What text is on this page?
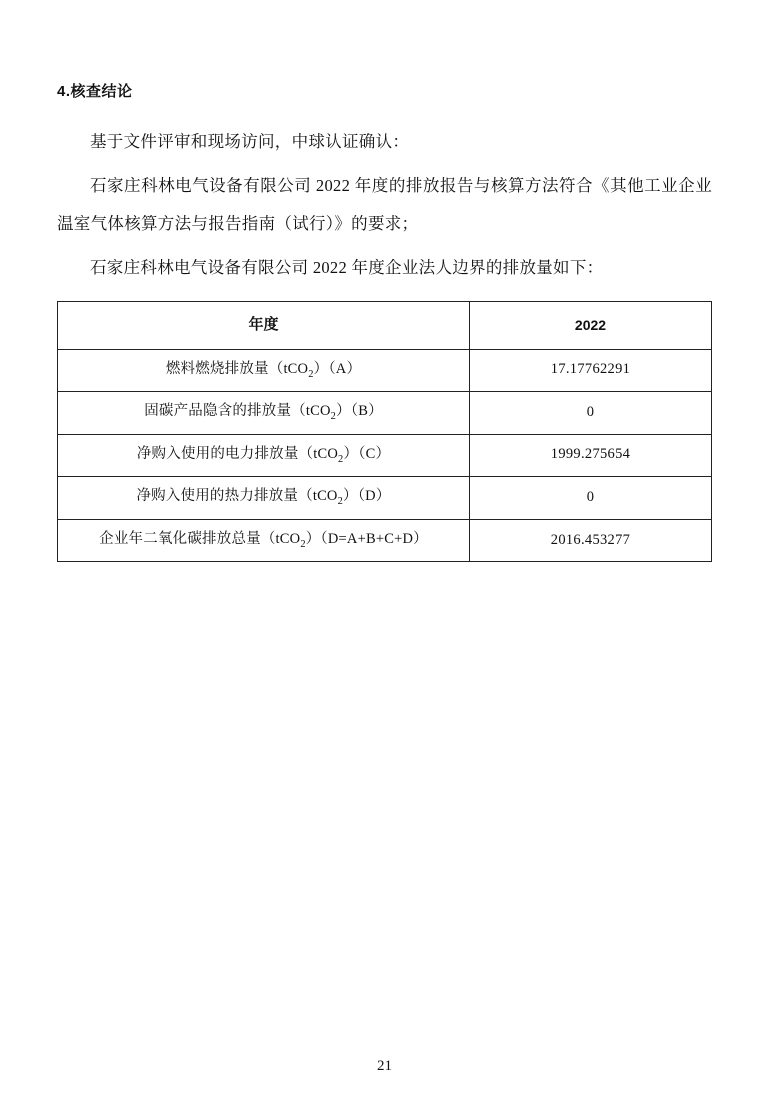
4.核查结论

基于文件评审和现场访问，中球认证确认：

石家庄科林电气设备有限公司 2022 年度的排放报告与核算方法符合《其他工业企业温室气体核算方法与报告指南（试行）》的要求；

石家庄科林电气设备有限公司 2022 年度企业法人边界的排放量如下：

年度	2022
燃料燃烧排放量（tCO$_2$）（A）	17.17762291
固碳产品隐含的排放量（tCO$_2$）（B）	0
净购入使用的电力排放量（tCO$_2$）（C）	1999.275654
净购入使用的热力排放量（tCO$_2$）（D）	0
企业年二氧化碳排放总量（tCO$_2$）（D=A+B+C+D）	2016.453277
21
